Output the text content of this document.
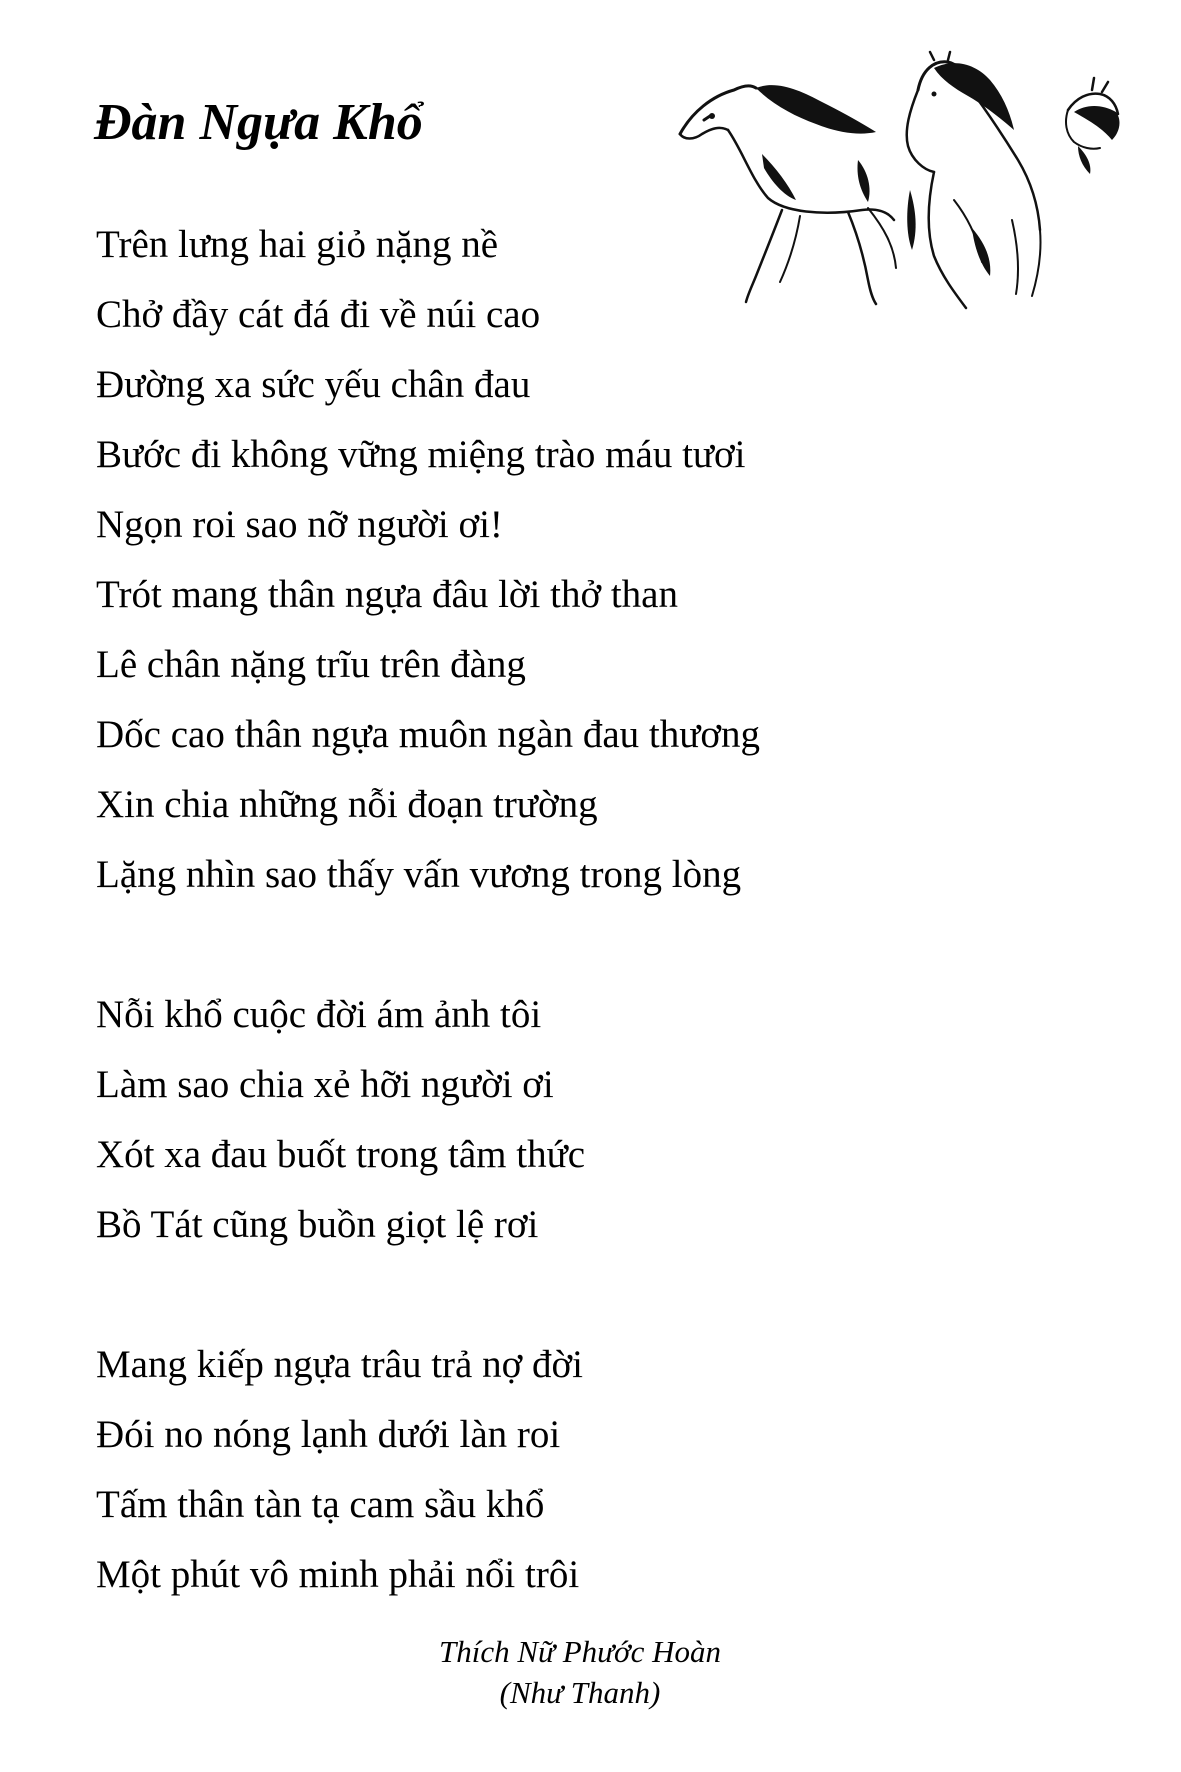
Đàn Ngựa Khổ
Trên lưng hai giỏ nặng nề
Chở đầy cát đá đi về núi cao
Đường xa sức yếu chân đau
Bước đi không vững miệng trào máu tươi
Ngọn roi sao nỡ người ơi!
Trót mang thân ngựa đâu lời thở than
Lê chân nặng trĩu trên đàng
Dốc cao thân ngựa muôn ngàn đau thương
Xin chia những nỗi đoạn trường
Lặng nhìn sao thấy vấn vương trong lòng
Nỗi khổ cuộc đời ám ảnh tôi
Làm sao chia xẻ hỡi người ơi
Xót xa đau buốt trong tâm thức
Bồ Tát cũng buồn giọt lệ rơi
Mang kiếp ngựa trâu trả nợ đời
Đói no nóng lạnh dưới làn roi
Tấm thân tàn tạ cam sầu khổ
Một phút vô minh phải nổi trôi
Thích Nữ Phước Hoàn
(Như Thanh)
